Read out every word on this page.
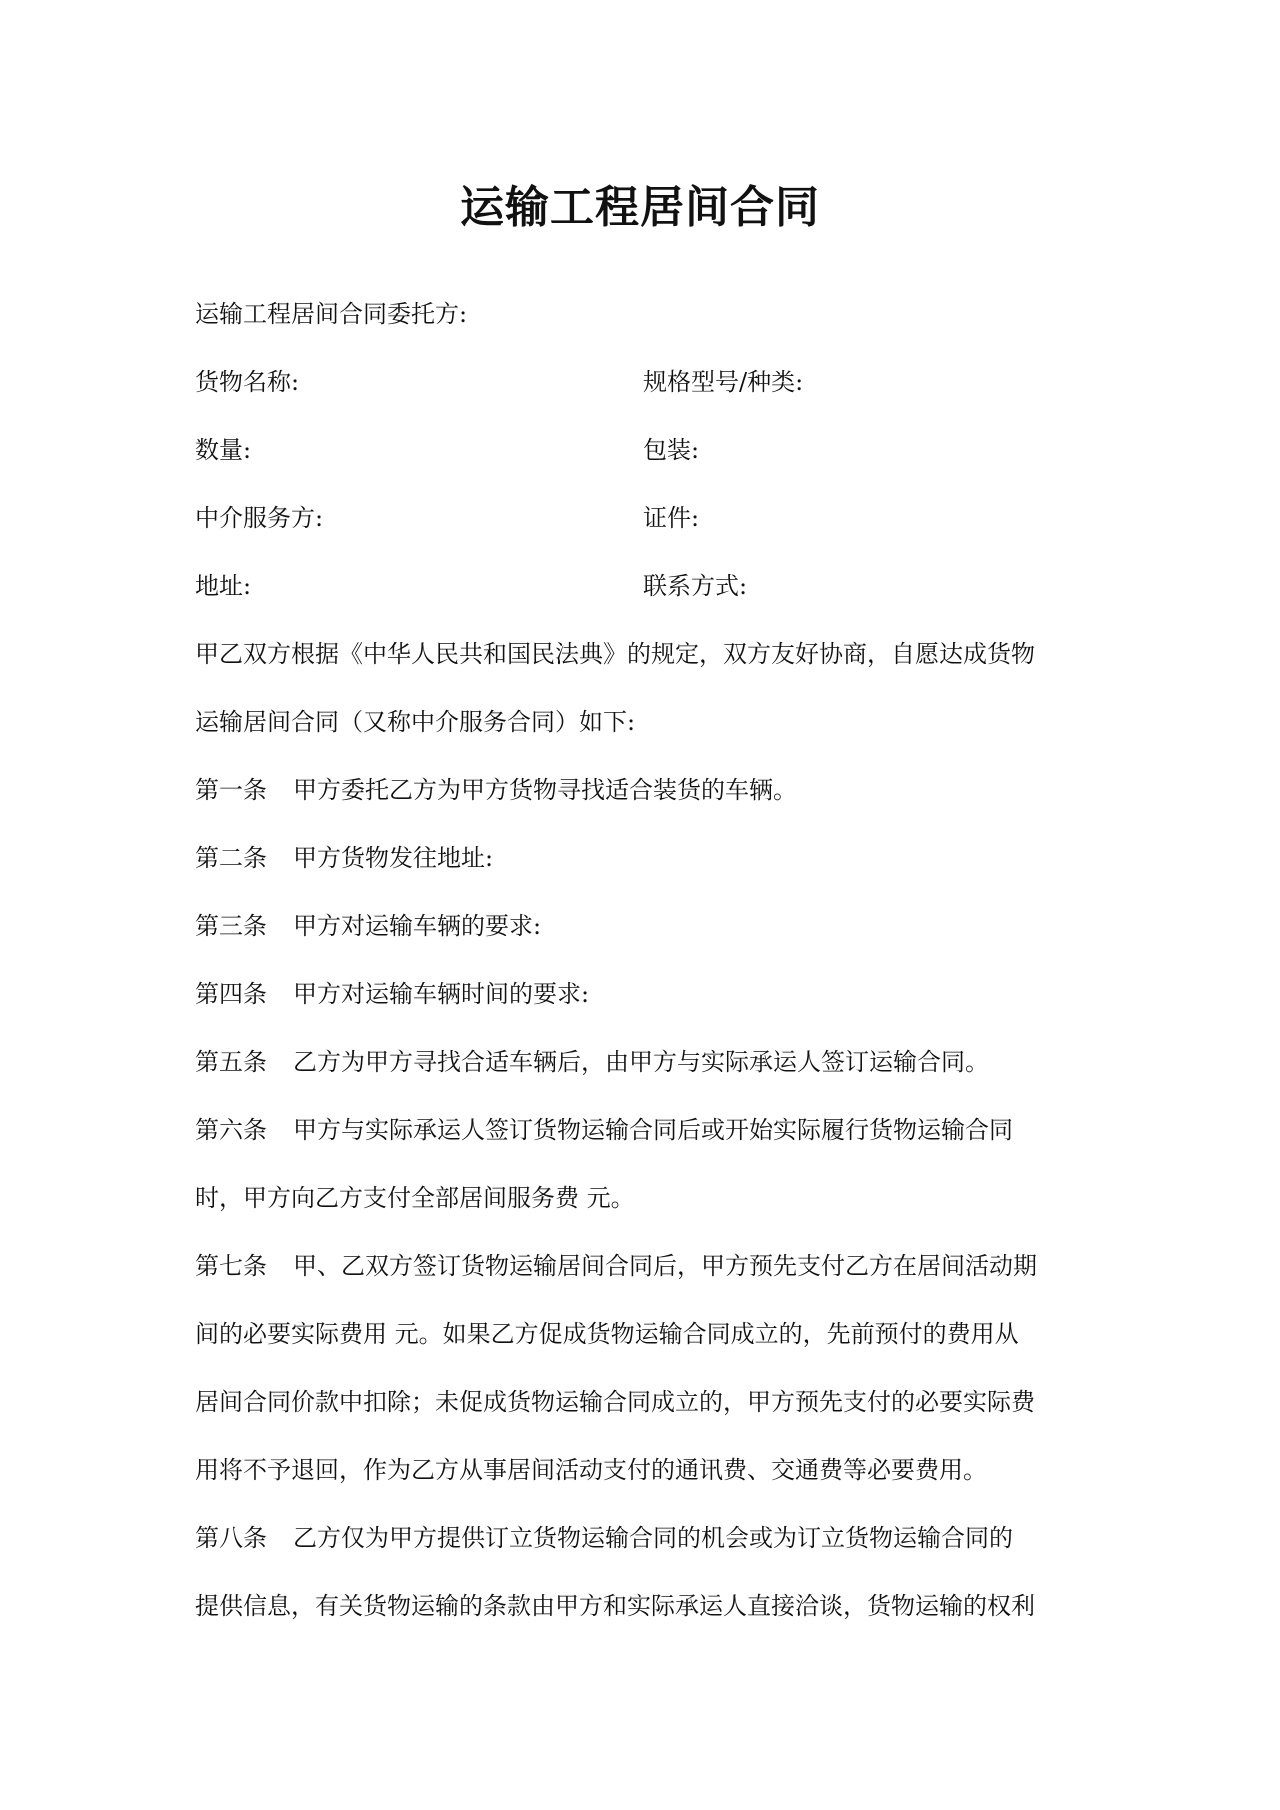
运输工程居间合同
运输工程居间合同委托方:
货物名称:	规格型号/种类:
数量:	包装:
中介服务方:	证件:
地址:	联系方式:
甲乙双方根据《中华人民共和国民法典》的规定，双方友好协商，自愿达成货物
运输居间合同（又称中介服务合同）如下:
第一条 甲方委托乙方为甲方货物寻找适合装货的车辆。
第二条 甲方货物发往地址:
第三条 甲方对运输车辆的要求:
第四条 甲方对运输车辆时间的要求:
第五条 乙方为甲方寻找合适车辆后，由甲方与实际承运人签订运输合同。
第六条 甲方与实际承运人签订货物运输合同后或开始实际履行货物运输合同
时，甲方向乙方支付全部居间服务费 元。
第七条 甲、乙双方签订货物运输居间合同后，甲方预先支付乙方在居间活动期
间的必要实际费用 元。如果乙方促成货物运输合同成立的，先前预付的费用从
居间合同价款中扣除；未促成货物运输合同成立的，甲方预先支付的必要实际费
用将不予退回，作为乙方从事居间活动支付的通讯费、交通费等必要费用。
第八条 乙方仅为甲方提供订立货物运输合同的机会或为订立货物运输合同的
提供信息，有关货物运输的条款由甲方和实际承运人直接洽谈，货物运输的权利
